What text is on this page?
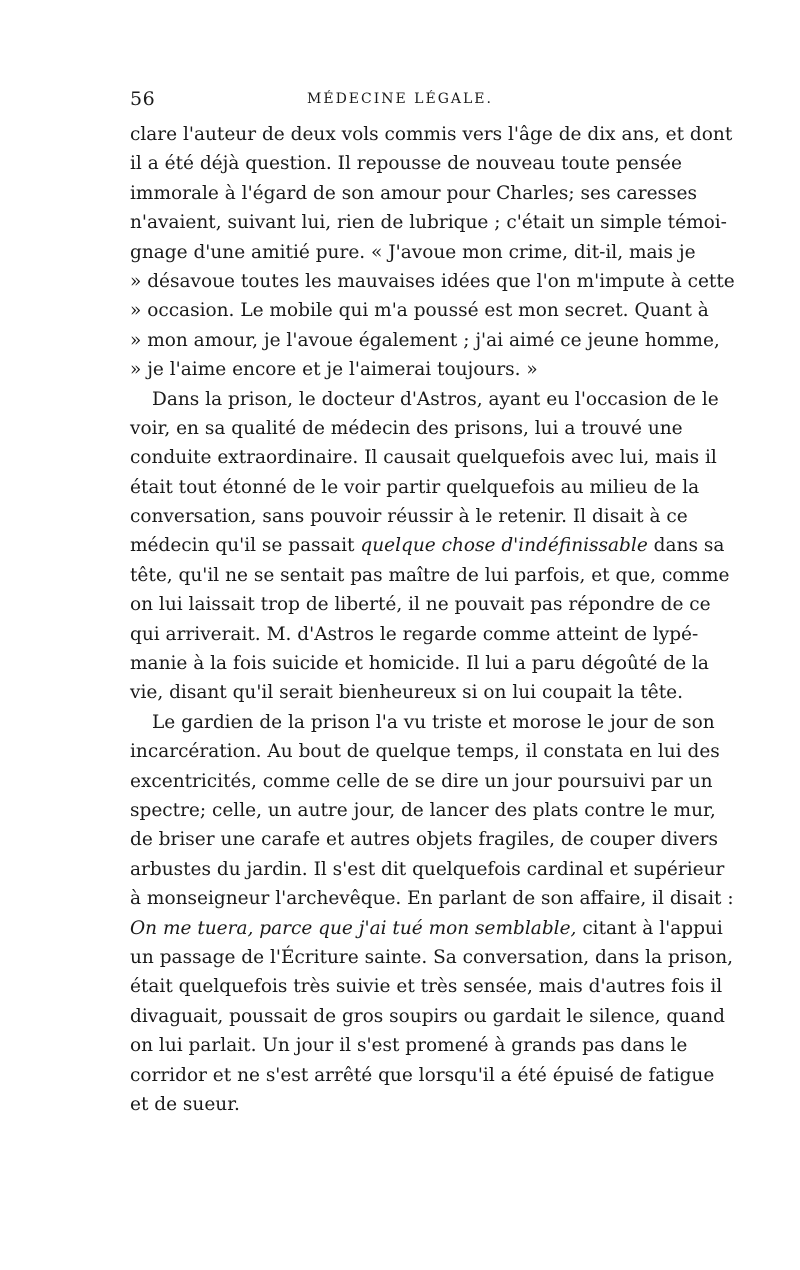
56	MÉDECINE LÉGALE.
clare l'auteur de deux vols commis vers l'âge de dix ans, et dont
il a été déjà question. Il repousse de nouveau toute pensée
immorale à l'égard de son amour pour Charles; ses caresses
n'avaient, suivant lui, rien de lubrique ; c'était un simple témoi-
gnage d'une amitié pure. « J'avoue mon crime, dit-il, mais je
» désavoue toutes les mauvaises idées que l'on m'impute à cette
» occasion. Le mobile qui m'a poussé est mon secret. Quant à
» mon amour, je l'avoue également ; j'ai aimé ce jeune homme,
» je l'aime encore et je l'aimerai toujours. »
Dans la prison, le docteur d'Astros, ayant eu l'occasion de le
voir, en sa qualité de médecin des prisons, lui a trouvé une
conduite extraordinaire. Il causait quelquefois avec lui, mais il
était tout étonné de le voir partir quelquefois au milieu de la
conversation, sans pouvoir réussir à le retenir. Il disait à ce
médecin qu'il se passait quelque chose d'indéfinissable dans sa
tête, qu'il ne se sentait pas maître de lui parfois, et que, comme
on lui laissait trop de liberté, il ne pouvait pas répondre de ce
qui arriverait. M. d'Astros le regarde comme atteint de lypé-
manie à la fois suicide et homicide. Il lui a paru dégoûté de la
vie, disant qu'il serait bienheureux si on lui coupait la tête.
Le gardien de la prison l'a vu triste et morose le jour de son
incarcération. Au bout de quelque temps, il constata en lui des
excentricités, comme celle de se dire un jour poursuivi par un
spectre; celle, un autre jour, de lancer des plats contre le mur,
de briser une carafe et autres objets fragiles, de couper divers
arbustes du jardin. Il s'est dit quelquefois cardinal et supérieur
à monseigneur l'archevêque. En parlant de son affaire, il disait :
On me tuera, parce que j'ai tué mon semblable, citant à l'appui
un passage de l'Écriture sainte. Sa conversation, dans la prison,
était quelquefois très suivie et très sensée, mais d'autres fois il
divaguait, poussait de gros soupirs ou gardait le silence, quand
on lui parlait. Un jour il s'est promené à grands pas dans le
corridor et ne s'est arrêté que lorsqu'il a été épuisé de fatigue
et de sueur.
